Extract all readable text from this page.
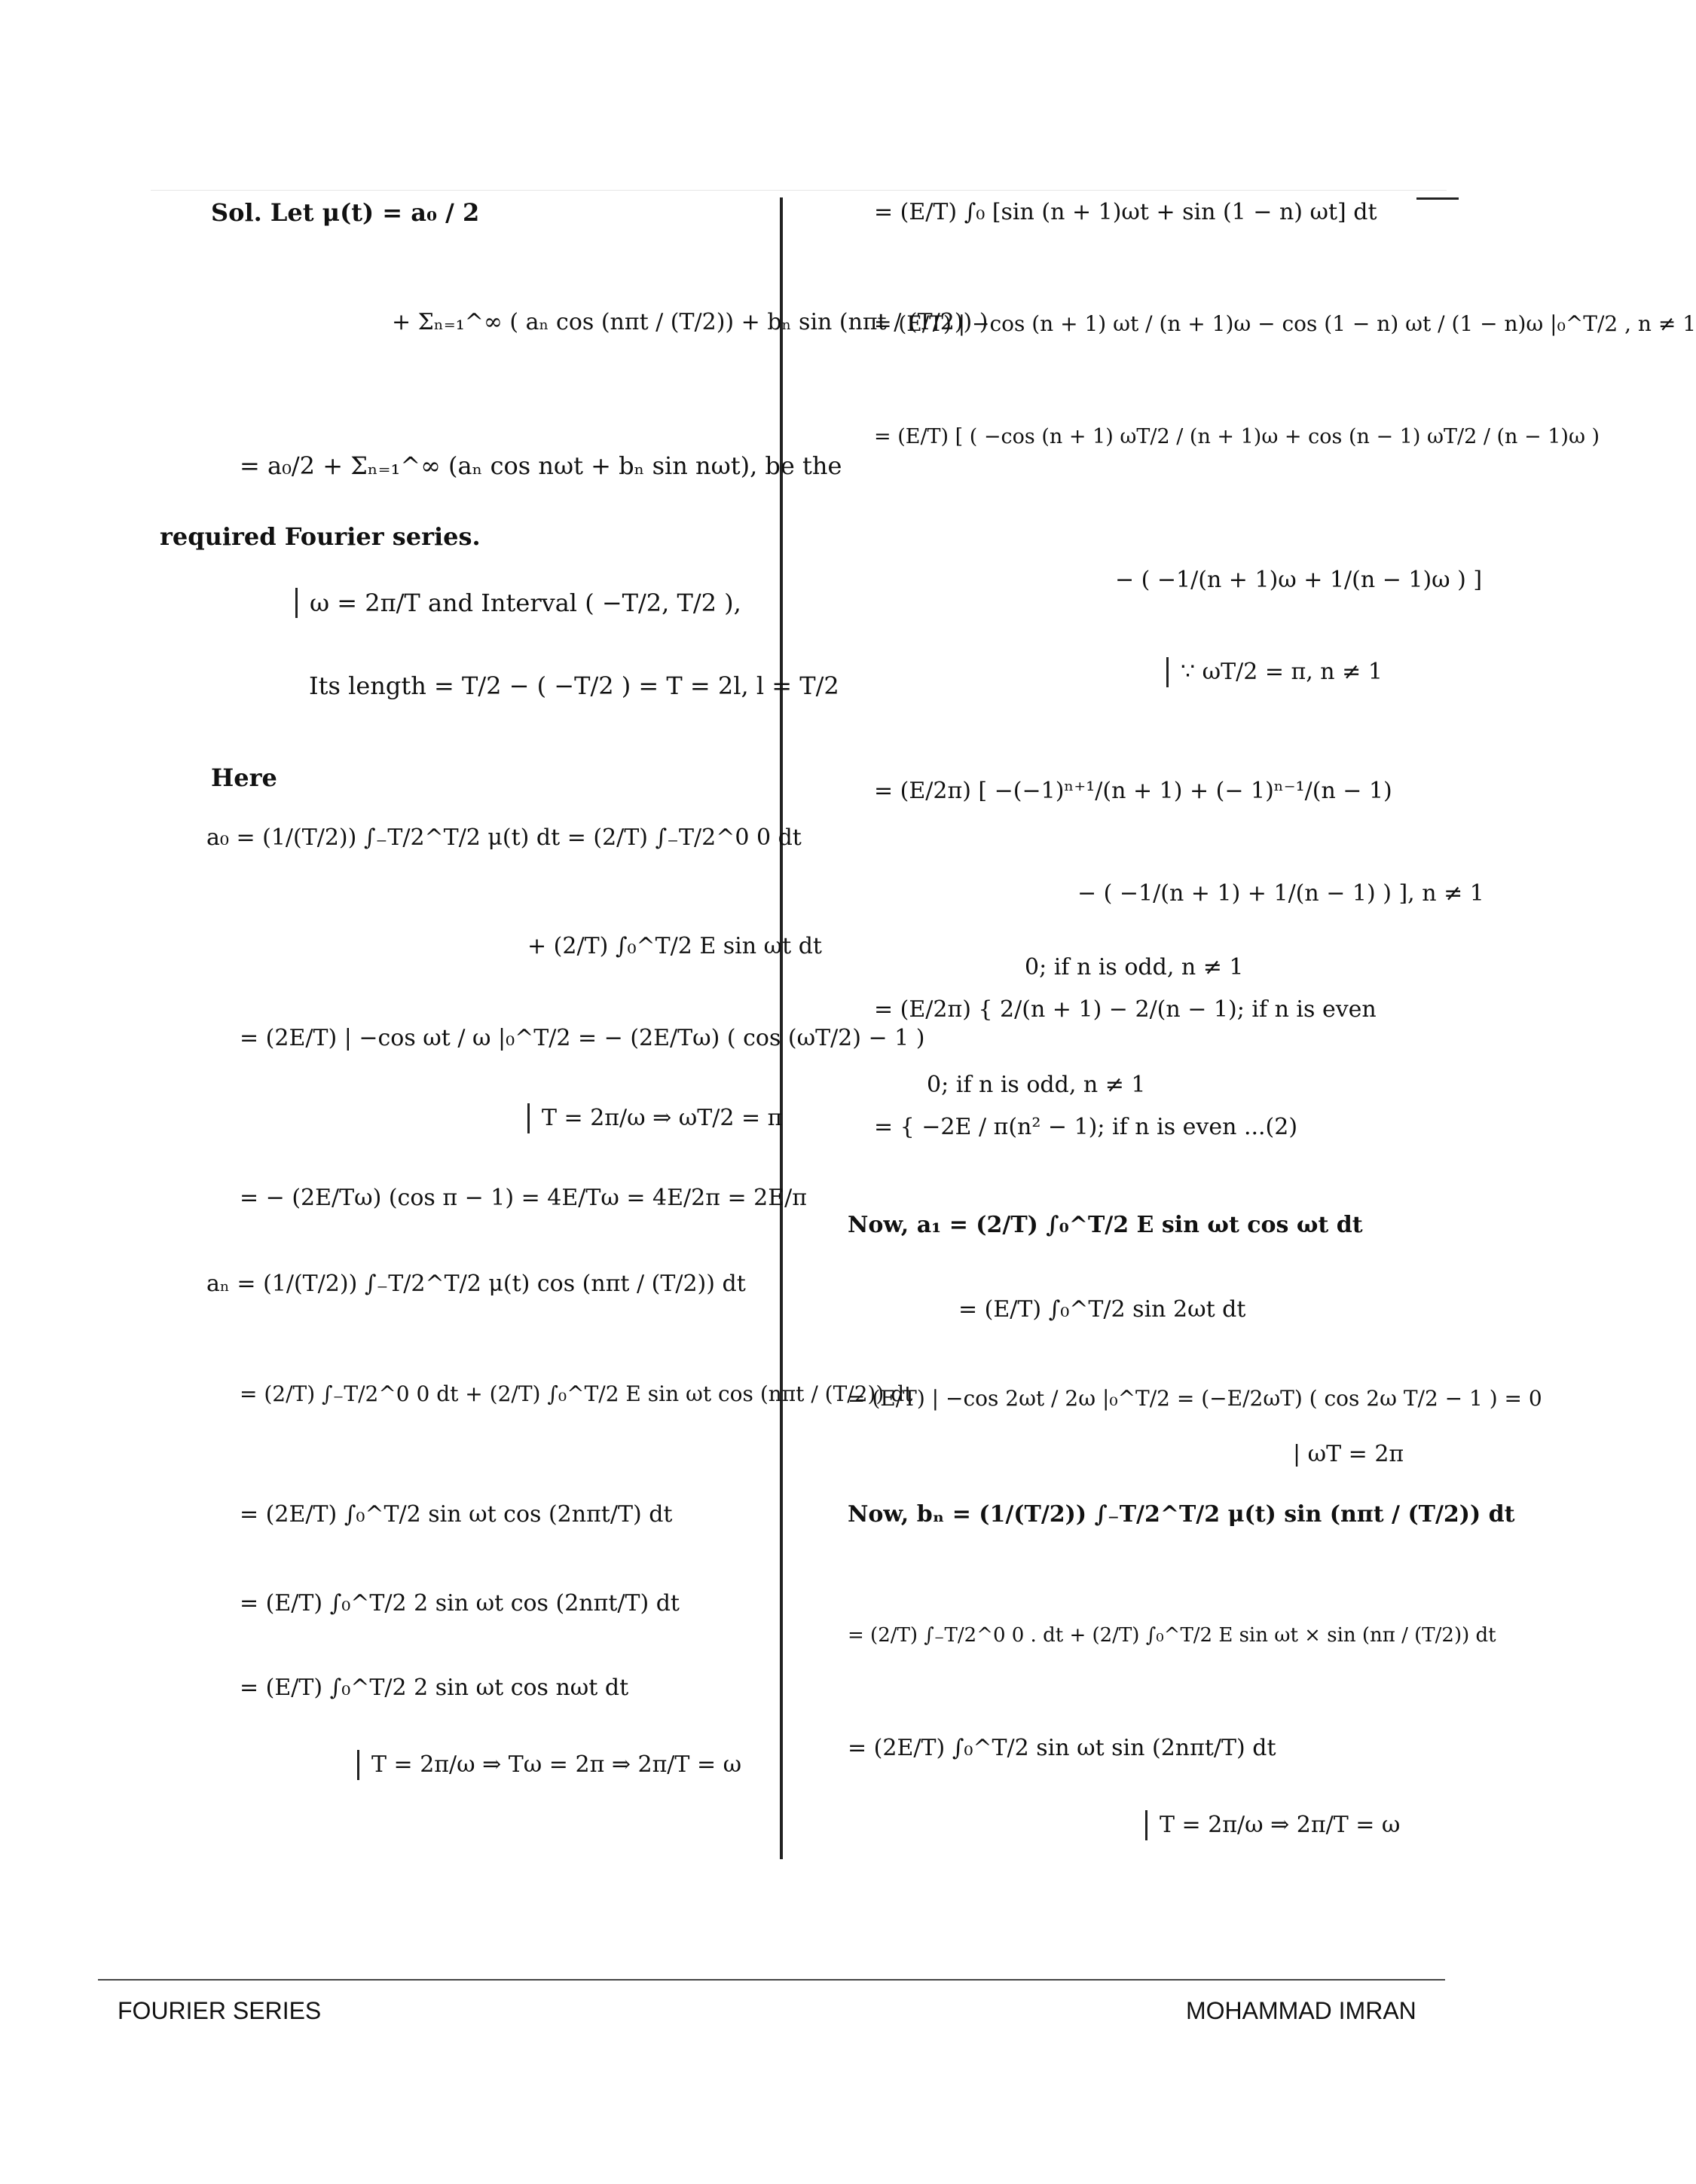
Sol. Let μ(t) = a₀ / 2
+ Σₙ₌₁^∞ ( aₙ cos (nπt / (T/2)) + bₙ sin (nπt / (T/2)) )
= a₀/2 + Σₙ₌₁^∞ (aₙ cos nωt + bₙ sin nωt), be the
required Fourier series.
ω = 2π/T and Interval ( −T/2, T/2 ),
Its length = T/2 − ( −T/2 ) = T = 2l, l = T/2
Here
a₀ = (1/(T/2)) ∫₋T/2^T/2 μ(t) dt = (2/T) ∫₋T/2^0 0 dt
+ (2/T) ∫₀^T/2 E sin ωt dt
= (2E/T) | −cos ωt / ω |₀^T/2 = − (2E/Tω) ( cos (ωT/2) − 1 )
T = 2π/ω ⇒ ωT/2 = π
= − (2E/Tω) (cos π − 1) = 4E/Tω = 4E/2π = 2E/π
aₙ = (1/(T/2)) ∫₋T/2^T/2 μ(t) cos (nπt / (T/2)) dt
= (2/T) ∫₋T/2^0 0 dt + (2/T) ∫₀^T/2 E sin ωt cos (nπt / (T/2)) dt
= (2E/T) ∫₀^T/2 sin ωt cos (2nπt/T) dt
= (E/T) ∫₀^T/2 2 sin ωt cos (2nπt/T) dt
= (E/T) ∫₀^T/2 2 sin ωt cos nωt dt
T = 2π/ω ⇒ Tω = 2π ⇒ 2π/T = ω
= (E/T) ∫₀ [sin (n + 1)ωt + sin (1 − n) ωt] dt
= (E/T) | −cos (n + 1) ωt / (n + 1)ω − cos (1 − n) ωt / (1 − n)ω |₀^T/2 , n ≠ 1
= (E/T) [ ( −cos (n + 1) ωT/2 / (n + 1)ω + cos (n − 1) ωT/2 / (n − 1)ω )
− ( −1/(n + 1)ω + 1/(n − 1)ω ) ]
∵ ωT/2 = π, n ≠ 1
= (E/2π) [ −(−1)ⁿ⁺¹/(n + 1) + (− 1)ⁿ⁻¹/(n − 1)
− ( −1/(n + 1) + 1/(n − 1) ) ], n ≠ 1
0; if n is odd, n ≠ 1
= (E/2π) { 2/(n + 1) − 2/(n − 1); if n is even
0; if n is odd, n ≠ 1
= { −2E / π(n² − 1); if n is even ...(2)
Now, a₁ = (2/T) ∫₀^T/2 E sin ωt cos ωt dt
= (E/T) ∫₀^T/2 sin 2ωt dt
= (E/T) | −cos 2ωt / 2ω |₀^T/2 = (−E/2ωT) ( cos 2ω T/2 − 1 ) = 0
| ωT = 2π
Now, bₙ = (1/(T/2)) ∫₋T/2^T/2 μ(t) sin (nπt / (T/2)) dt
= (2/T) ∫₋T/2^0 0 . dt + (2/T) ∫₀^T/2 E sin ωt × sin (nπ / (T/2)) dt
= (2E/T) ∫₀^T/2 sin ωt sin (2nπt/T) dt
T = 2π/ω ⇒ 2π/T = ω
FOURIER SERIES	MOHAMMAD IMRAN
